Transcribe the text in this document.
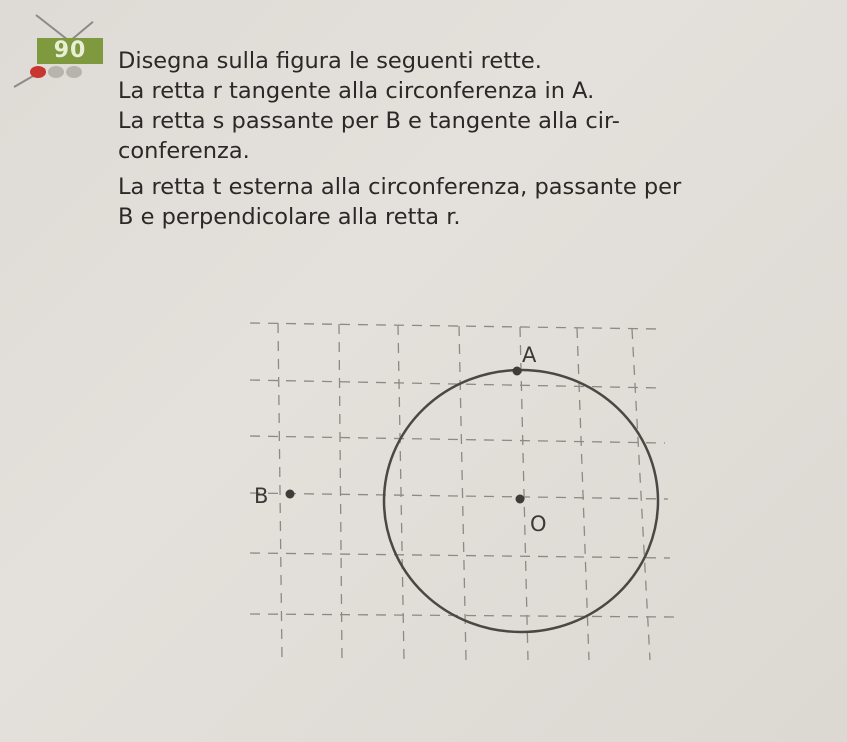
90	Disegna sulla figura le seguenti rette.
La retta r tangente alla circonferenza in A.
La retta s passante per B e tangente alla cir-
conferenza.
La retta t esterna alla circonferenza, passante per
B e perpendicolare alla retta r.
A
B
O
